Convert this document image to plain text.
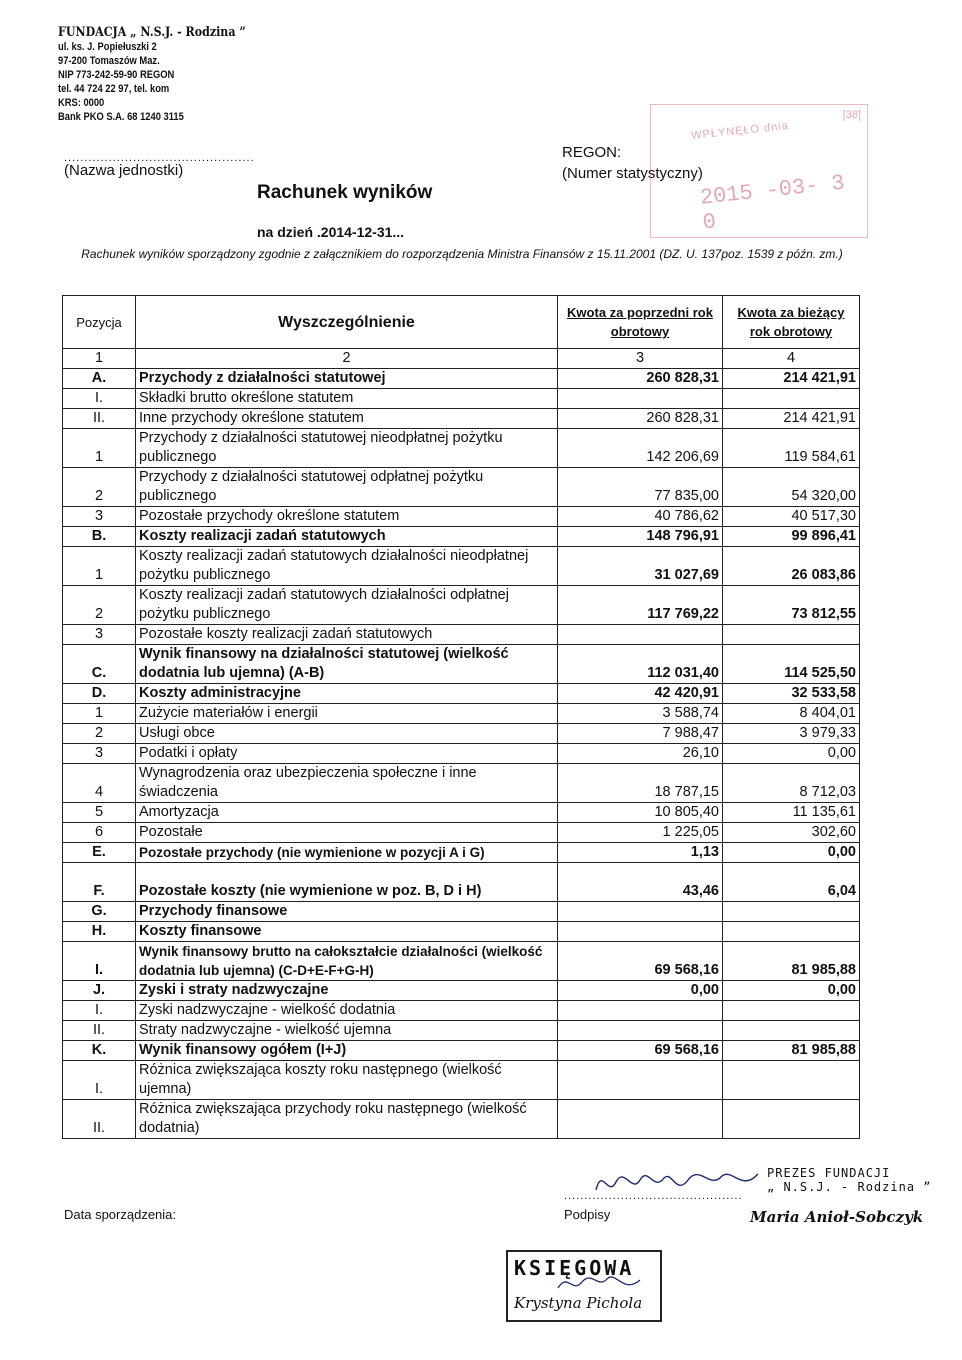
FUNDACJA „ N.S.J. - Rodzina ”
ul. ks. J. Popiełuszki 2
97-200 Tomaszów Maz.
NIP 773-242-59-90 REGON
tel. 44 724 22 97, tel. kom
KRS: 0000
Bank PKO S.A. 68 1240 3115
...............................................
(Nazwa jednostki)
REGON:
(Numer statystyczny)
[38]
WPŁYNĘŁO dnia
2015 -03- 3 0
Rachunek wyników
na dzień .2014-12-31...
Rachunek wyników sporządzony zgodnie z załącznikiem do rozporządzenia Ministra Finansów z 15.11.2001 (DZ. U. 137poz. 1539 z późn. zm.)
Pozycja	Wyszczególnienie	Kwota za poprzedni rok obrotowy	Kwota za bieżący rok obrotowy
1	2	3	4
A.	Przychody z działalności statutowej	260 828,31	214 421,91
I.	Składki brutto określone statutem		
II.	Inne przychody określone statutem	260 828,31	214 421,91
1	Przychody z działalności statutowej nieodpłatnej pożytku publicznego	142 206,69	119 584,61
2	Przychody z działalności statutowej odpłatnej pożytku publicznego	77 835,00	54 320,00
3	Pozostałe przychody określone statutem	40 786,62	40 517,30
B.	Koszty realizacji zadań statutowych	148 796,91	99 896,41
1	Koszty realizacji zadań statutowych działalności nieodpłatnej pożytku publicznego	31 027,69	26 083,86
2	Koszty realizacji zadań statutowych działalności odpłatnej pożytku publicznego	117 769,22	73 812,55
3	Pozostałe koszty realizacji zadań statutowych		
C.	Wynik finansowy na działalności statutowej (wielkość dodatnia lub ujemna) (A-B)	112 031,40	114 525,50
D.	Koszty administracyjne	42 420,91	32 533,58
1	Zużycie materiałów i energii	3 588,74	8 404,01
2	Usługi obce	7 988,47	3 979,33
3	Podatki i opłaty	26,10	0,00
4	Wynagrodzenia oraz ubezpieczenia społeczne i inne świadczenia	18 787,15	8 712,03
5	Amortyzacja	10 805,40	11 135,61
6	Pozostałe	1 225,05	302,60
E.	Pozostałe przychody (nie wymienione w pozycji A i G)	1,13	0,00
F.	Pozostałe koszty (nie wymienione w poz. B, D i H)	43,46	6,04
G.	Przychody finansowe		
H.	Koszty finansowe		
I.	Wynik finansowy brutto na całokształcie działalności (wielkość dodatnia lub ujemna) (C-D+E-F+G-H)	69 568,16	81 985,88
J.	Zyski i straty nadzwyczajne	0,00	0,00
I.	Zyski nadzwyczajne - wielkość dodatnia		
II.	Straty nadzwyczajne - wielkość ujemna		
K.	Wynik finansowy ogółem (I+J)	69 568,16	81 985,88
I.	Różnica zwiększająca koszty roku następnego (wielkość ujemna)		
II.	Różnica zwiększająca przychody roku następnego (wielkość dodatnia)		
Data sporządzenia:
............................................
Podpisy
PREZES FUNDACJI
„ N.S.J. - Rodzina ”
Maria Anioł-Sobczyk
KSIĘGOWA
Krystyna Pichola
